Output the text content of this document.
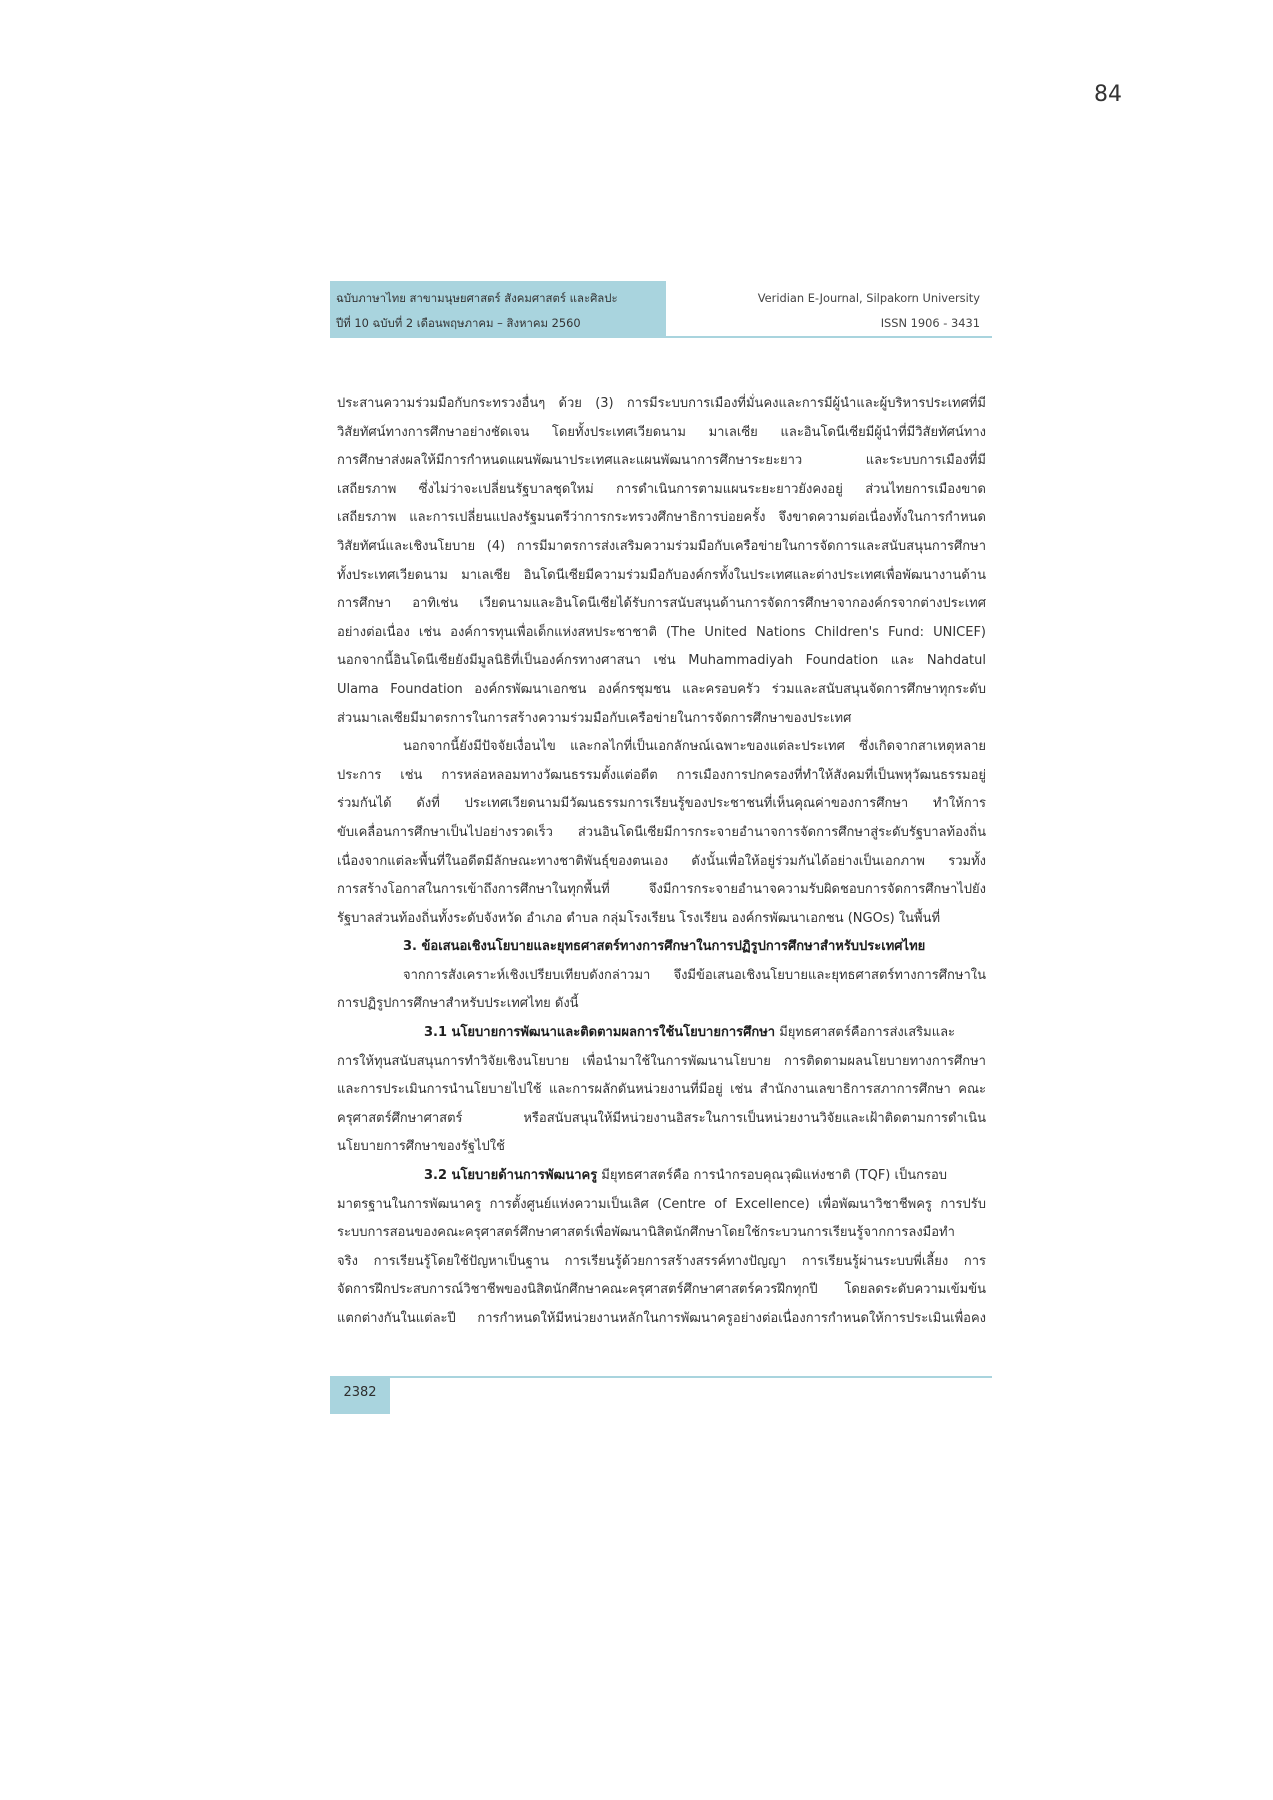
84
ฉบับภาษาไทย สาขามนุษยศาสตร์ สังคมศาสตร์ และศิลปะ
ปีที่ 10 ฉบับที่ 2 เดือนพฤษภาคม – สิงหาคม 2560
Veridian E-Journal, Silpakorn University
ISSN 1906 - 3431
ประสานความร่วมมือกับกระทรวงอื่นๆ ด้วย (3) การมีระบบการเมืองที่มั่นคงและการมีผู้นำและผู้บริหารประเทศที่มี
วิสัยทัศน์ทางการศึกษาอย่างชัดเจน โดยทั้งประเทศเวียดนาม มาเลเซีย และอินโดนีเซียมีผู้นำที่มีวิสัยทัศน์ทาง
การศึกษาส่งผลให้มีการกำหนดแผนพัฒนาประเทศและแผนพัฒนาการศึกษาระยะยาว และระบบการเมืองที่มี
เสถียรภาพ ซึ่งไม่ว่าจะเปลี่ยนรัฐบาลชุดใหม่ การดำเนินการตามแผนระยะยาวยังคงอยู่ ส่วนไทยการเมืองขาด
เสถียรภาพ และการเปลี่ยนแปลงรัฐมนตรีว่าการกระทรวงศึกษาธิการบ่อยครั้ง จึงขาดความต่อเนื่องทั้งในการกำหนด
วิสัยทัศน์และเชิงนโยบาย (4) การมีมาตรการส่งเสริมความร่วมมือกับเครือข่ายในการจัดการและสนับสนุนการศึกษา
ทั้งประเทศเวียดนาม มาเลเซีย อินโดนีเซียมีความร่วมมือกับองค์กรทั้งในประเทศและต่างประเทศเพื่อพัฒนางานด้าน
การศึกษา อาทิเช่น เวียดนามและอินโดนีเซียได้รับการสนับสนุนด้านการจัดการศึกษาจากองค์กรจากต่างประเทศ
อย่างต่อเนื่อง เช่น องค์การทุนเพื่อเด็กแห่งสหประชาชาติ (The United Nations Children's Fund: UNICEF)
นอกจากนี้อินโดนีเซียยังมีมูลนิธิที่เป็นองค์กรทางศาสนา เช่น Muhammadiyah Foundation และ Nahdatul
Ulama Foundation องค์กรพัฒนาเอกชน องค์กรชุมชน และครอบครัว ร่วมและสนับสนุนจัดการศึกษาทุกระดับ
ส่วนมาเลเซียมีมาตรการในการสร้างความร่วมมือกับเครือข่ายในการจัดการศึกษาของประเทศ
นอกจากนี้ยังมีปัจจัยเงื่อนไข และกลไกที่เป็นเอกลักษณ์เฉพาะของแต่ละประเทศ ซึ่งเกิดจากสาเหตุหลาย
ประการ เช่น การหล่อหลอมทางวัฒนธรรมตั้งแต่อดีต การเมืองการปกครองที่ทำให้สังคมที่เป็นพหุวัฒนธรรมอยู่
ร่วมกันได้ ดังที่ ประเทศเวียดนามมีวัฒนธรรมการเรียนรู้ของประชาชนที่เห็นคุณค่าของการศึกษา ทำให้การ
ขับเคลื่อนการศึกษาเป็นไปอย่างรวดเร็ว ส่วนอินโดนีเซียมีการกระจายอำนาจการจัดการศึกษาสู่ระดับรัฐบาลท้องถิ่น
เนื่องจากแต่ละพื้นที่ในอดีตมีลักษณะทางชาติพันธุ์ของตนเอง ดังนั้นเพื่อให้อยู่ร่วมกันได้อย่างเป็นเอกภาพ รวมทั้ง
การสร้างโอกาสในการเข้าถึงการศึกษาในทุกพื้นที่ จึงมีการกระจายอำนาจความรับผิดชอบการจัดการศึกษาไปยัง
รัฐบาลส่วนท้องถิ่นทั้งระดับจังหวัด อำเภอ ตำบล กลุ่มโรงเรียน โรงเรียน องค์กรพัฒนาเอกชน (NGOs) ในพื้นที่
3. ข้อเสนอเชิงนโยบายและยุทธศาสตร์ทางการศึกษาในการปฏิรูปการศึกษาสำหรับประเทศไทย
จากการสังเคราะห์เชิงเปรียบเทียบดังกล่าวมา จึงมีข้อเสนอเชิงนโยบายและยุทธศาสตร์ทางการศึกษาใน
การปฏิรูปการศึกษาสำหรับประเทศไทย ดังนี้
3.1 นโยบายการพัฒนาและติดตามผลการใช้นโยบายการศึกษา มียุทธศาสตร์คือการส่งเสริมและ
การให้ทุนสนับสนุนการทำวิจัยเชิงนโยบาย เพื่อนำมาใช้ในการพัฒนานโยบาย การติดตามผลนโยบายทางการศึกษา
และการประเมินการนำนโยบายไปใช้ และการผลักดันหน่วยงานที่มีอยู่ เช่น สำนักงานเลขาธิการสภาการศึกษา คณะ
ครุศาสตร์ศึกษาศาสตร์ หรือสนับสนุนให้มีหน่วยงานอิสระในการเป็นหน่วยงานวิจัยและเฝ้าติดตามการดำเนิน
นโยบายการศึกษาของรัฐไปใช้
3.2 นโยบายด้านการพัฒนาครู มียุทธศาสตร์คือ การนำกรอบคุณวุฒิแห่งชาติ (TQF) เป็นกรอบ
มาตรฐานในการพัฒนาครู การตั้งศูนย์แห่งความเป็นเลิศ (Centre of Excellence) เพื่อพัฒนาวิชาชีพครู การปรับ
ระบบการสอนของคณะครุศาสตร์ศึกษาศาสตร์เพื่อพัฒนานิสิตนักศึกษาโดยใช้กระบวนการเรียนรู้จากการลงมือทำ
จริง การเรียนรู้โดยใช้ปัญหาเป็นฐาน การเรียนรู้ด้วยการสร้างสรรค์ทางปัญญา การเรียนรู้ผ่านระบบพี่เลี้ยง การ
จัดการฝึกประสบการณ์วิชาชีพของนิสิตนักศึกษาคณะครุศาสตร์ศึกษาศาสตร์ควรฝึกทุกปี โดยลดระดับความเข้มข้น
แตกต่างกันในแต่ละปี การกำหนดให้มีหน่วยงานหลักในการพัฒนาครูอย่างต่อเนื่องการกำหนดให้การประเมินเพื่อคง
2382
